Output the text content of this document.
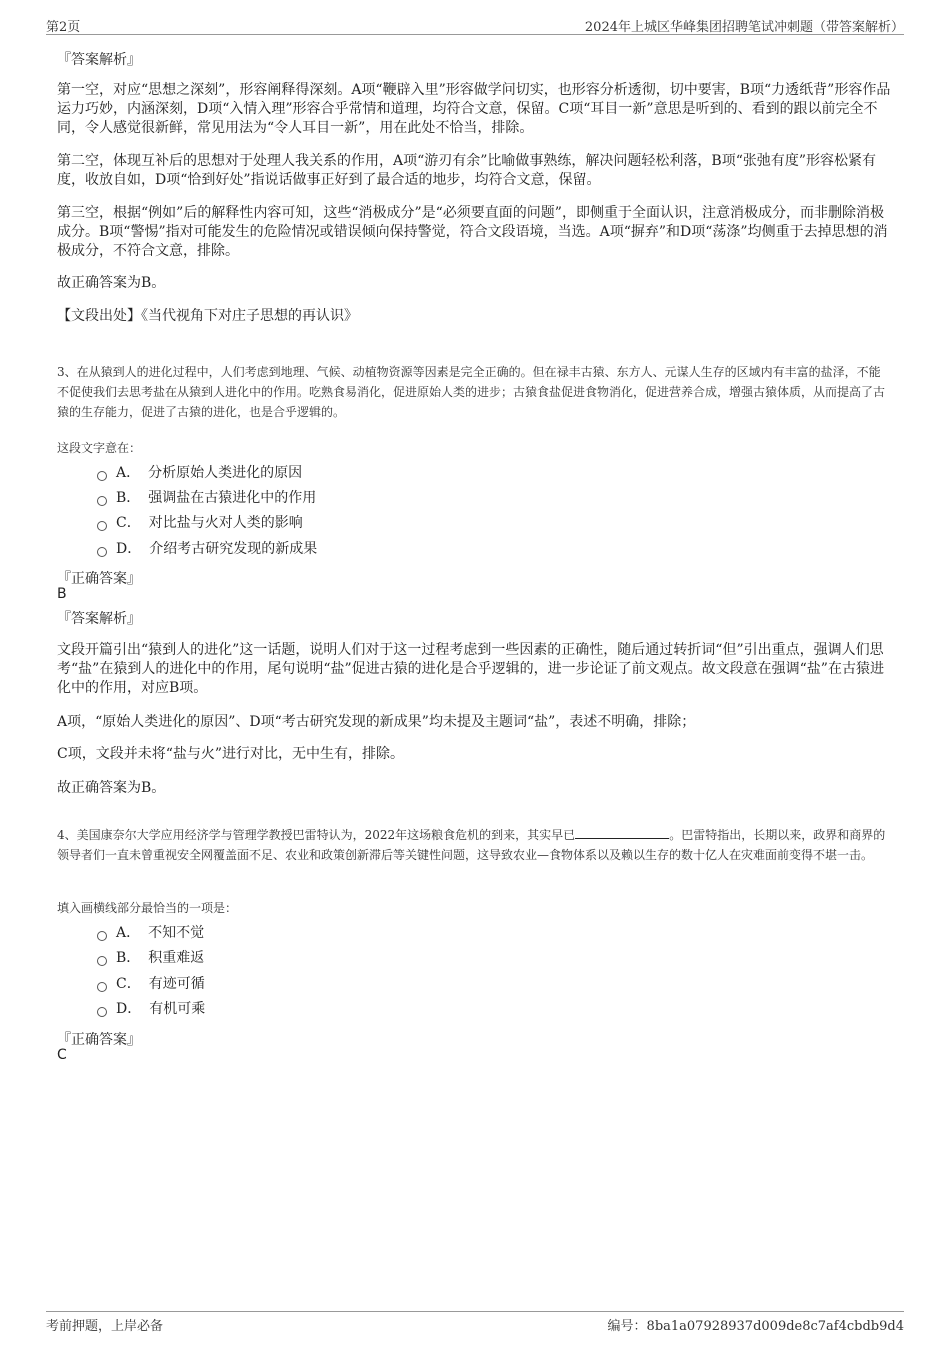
第2页	2024年上城区华峰集团招聘笔试冲刺题（带答案解析）
『答案解析』

第一空，对应“思想之深刻”，形容阐释得深刻。A项“鞭辟入里”形容做学问切实，也形容分析透彻，切中要害，B项“力透纸背”形容作品运力巧妙，内涵深刻，D项“入情入理”形容合乎常情和道理，均符合文意，保留。C项“耳目一新”意思是听到的、看到的跟以前完全不同，令人感觉很新鲜，常见用法为“令人耳目一新”，用在此处不恰当，排除。

第二空，体现互补后的思想对于处理人我关系的作用，A项“游刃有余”比喻做事熟练，解决问题轻松利落，B项“张弛有度”形容松紧有度，收放自如，D项“恰到好处”指说话做事正好到了最合适的地步，均符合文意，保留。

第三空，根据“例如”后的解释性内容可知，这些“消极成分”是“必须要直面的问题”，即侧重于全面认识，注意消极成分，而非删除消极成分。B项“警惕”指对可能发生的危险情况或错误倾向保持警觉，符合文段语境，当选。A项“摒弃”和D项“荡涤”均侧重于去掉思想的消极成分，不符合文意，排除。

故正确答案为B。

【文段出处】《当代视角下对庄子思想的再认识》

3、在从猿到人的进化过程中，人们考虑到地理、气候、动植物资源等因素是完全正确的。但在禄丰古猿、东方人、元谋人生存的区域内有丰富的盐泽，不能不促使我们去思考盐在从猿到人进化中的作用。吃熟食易消化，促进原始人类的进步；古猿食盐促进食物消化，促进营养合成，增强古猿体质，从而提高了古猿的生存能力，促进了古猿的进化，也是合乎逻辑的。

这段文字意在：

A． 分析原始人类进化的原因
B． 强调盐在古猿进化中的作用
C． 对比盐与火对人类的影响
D． 介绍考古研究发现的新成果
『正确答案』
B
『答案解析』

文段开篇引出“猿到人的进化”这一话题，说明人们对于这一过程考虑到一些因素的正确性，随后通过转折词“但”引出重点，强调人们思考“盐”在猿到人的进化中的作用，尾句说明“盐”促进古猿的进化是合乎逻辑的，进一步论证了前文观点。故文段意在强调“盐”在古猿进化中的作用，对应B项。

A项，“原始人类进化的原因”、D项“考古研究发现的新成果”均未提及主题词“盐”，表述不明确，排除；

C项，文段并未将“盐与火”进行对比，无中生有，排除。

故正确答案为B。

4、美国康奈尔大学应用经济学与管理学教授巴雷特认为，2022年这场粮食危机的到来，其实早已	。巴雷特指出，长期以来，政界和商界的领导者们一直未曾重视安全网覆盖面不足、农业和政策创新滞后等关键性问题，这导致农业—食物体系以及赖以生存的数十亿人在灾难面前变得不堪一击。

填入画横线部分最恰当的一项是：

A． 不知不觉
B． 积重难返
C． 有迹可循
D． 有机可乘
『正确答案』
C
考前押题，上岸必备	编号：8ba1a07928937d009de8c7af4cbdb9d4
